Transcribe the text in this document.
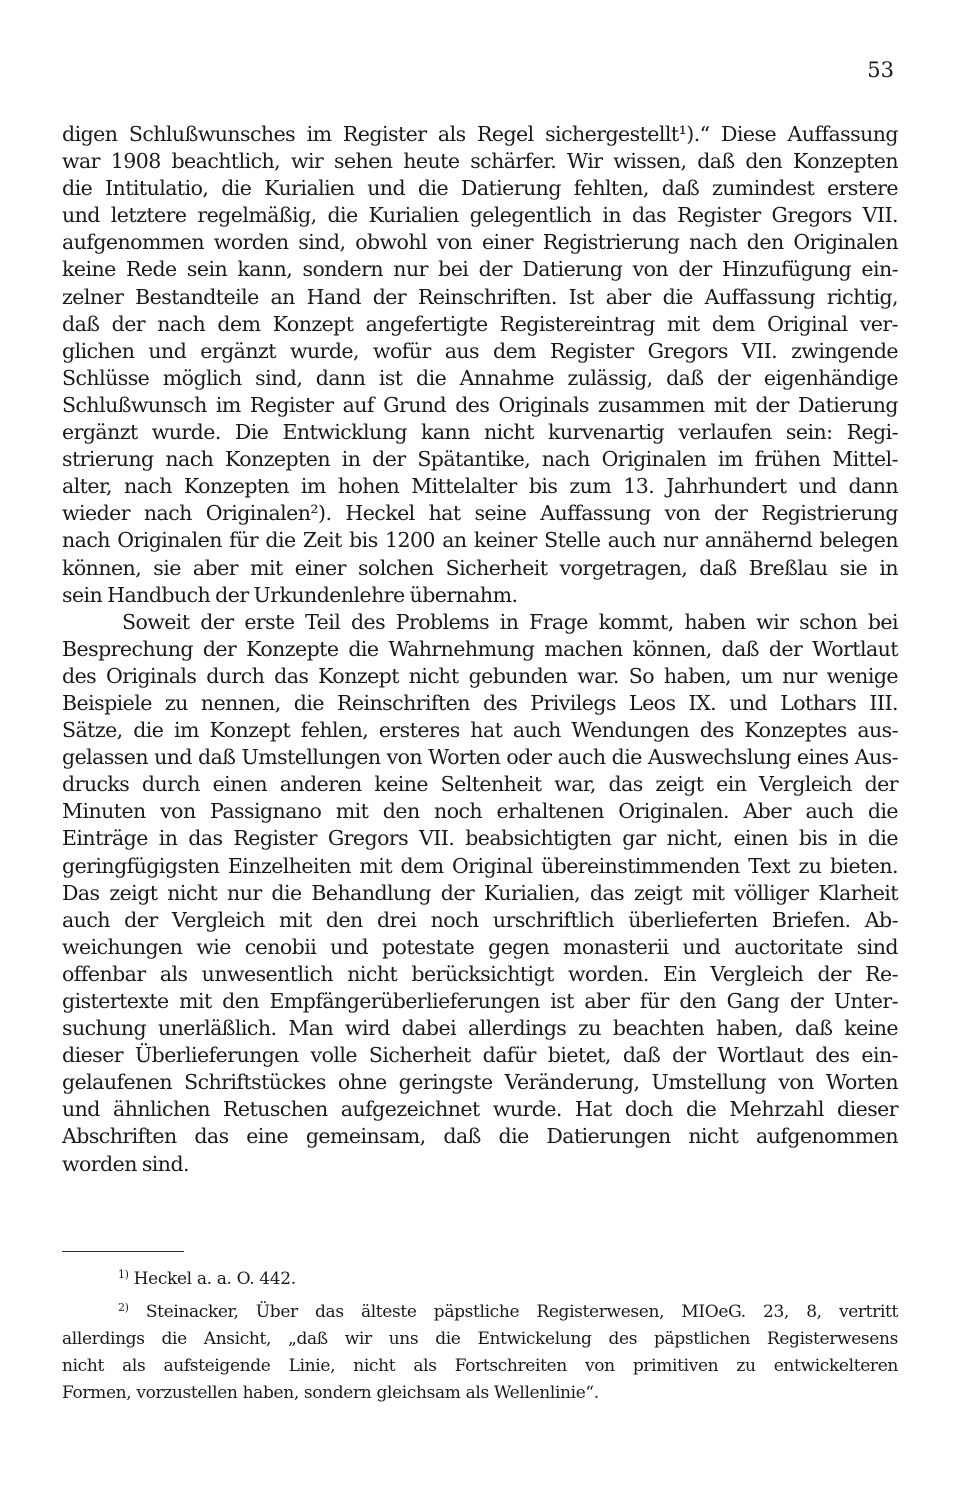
53
digen Schlußwunsches im Register als Regel sichergestellt¹).“ Diese Auffassung
war 1908 beachtlich, wir sehen heute schärfer. Wir wissen, daß den Konzepten
die Intitulatio, die Kurialien und die Datierung fehlten, daß zumindest erstere
und letztere regelmäßig, die Kurialien gelegentlich in das Register Gregors VII.
aufgenommen worden sind, obwohl von einer Registrierung nach den Originalen
keine Rede sein kann, sondern nur bei der Datierung von der Hinzufügung ein-
zelner Bestandteile an Hand der Reinschriften. Ist aber die Auffassung richtig,
daß der nach dem Konzept angefertigte Registereintrag mit dem Original ver-
glichen und ergänzt wurde, wofür aus dem Register Gregors VII. zwingende
Schlüsse möglich sind, dann ist die Annahme zulässig, daß der eigenhändige
Schlußwunsch im Register auf Grund des Originals zusammen mit der Datierung
ergänzt wurde. Die Entwicklung kann nicht kurvenartig verlaufen sein: Regi-
strierung nach Konzepten in der Spätantike, nach Originalen im frühen Mittel-
alter, nach Konzepten im hohen Mittelalter bis zum 13. Jahrhundert und dann
wieder nach Originalen²). Heckel hat seine Auffassung von der Registrierung
nach Originalen für die Zeit bis 1200 an keiner Stelle auch nur annähernd belegen
können, sie aber mit einer solchen Sicherheit vorgetragen, daß Breßlau sie in
sein Handbuch der Urkundenlehre übernahm.
Soweit der erste Teil des Problems in Frage kommt, haben wir schon bei
Besprechung der Konzepte die Wahrnehmung machen können, daß der Wortlaut
des Originals durch das Konzept nicht gebunden war. So haben, um nur wenige
Beispiele zu nennen, die Reinschriften des Privilegs Leos IX. und Lothars III.
Sätze, die im Konzept fehlen, ersteres hat auch Wendungen des Konzeptes aus-
gelassen und daß Umstellungen von Worten oder auch die Auswechslung eines Aus-
drucks durch einen anderen keine Seltenheit war, das zeigt ein Vergleich der
Minuten von Passignano mit den noch erhaltenen Originalen. Aber auch die
Einträge in das Register Gregors VII. beabsichtigten gar nicht, einen bis in die
geringfügigsten Einzelheiten mit dem Original übereinstimmenden Text zu bieten.
Das zeigt nicht nur die Behandlung der Kurialien, das zeigt mit völliger Klarheit
auch der Vergleich mit den drei noch urschriftlich überlieferten Briefen. Ab-
weichungen wie cenobii und potestate gegen monasterii und auctoritate sind
offenbar als unwesentlich nicht berücksichtigt worden. Ein Vergleich der Re-
gistertexte mit den Empfängerüberlieferungen ist aber für den Gang der Unter-
suchung unerläßlich. Man wird dabei allerdings zu beachten haben, daß keine
dieser Überlieferungen volle Sicherheit dafür bietet, daß der Wortlaut des ein-
gelaufenen Schriftstückes ohne geringste Veränderung, Umstellung von Worten
und ähnlichen Retuschen aufgezeichnet wurde. Hat doch die Mehrzahl dieser
Abschriften das eine gemeinsam, daß die Datierungen nicht aufgenommen
worden sind.
$^{1)}$ Heckel a. a. O. 442.
$^{2)}$ Steinacker, Über das älteste päpstliche Registerwesen, MIOeG. 23, 8, vertritt
allerdings die Ansicht, „daß wir uns die Entwickelung des päpstlichen Registerwesens
nicht als aufsteigende Linie, nicht als Fortschreiten von primitiven zu entwickelteren
Formen, vorzustellen haben, sondern gleichsam als Wellenlinie“.
